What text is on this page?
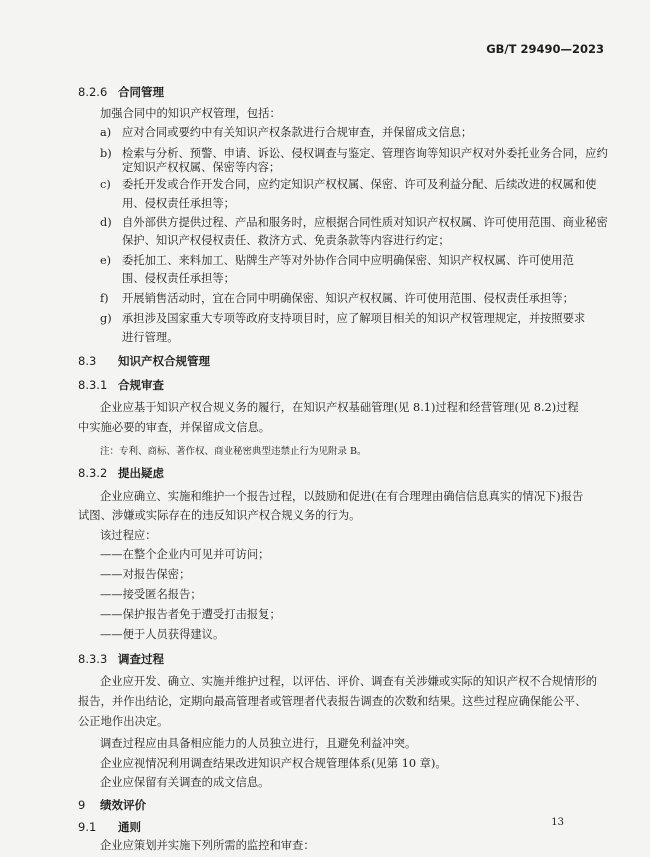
GB/T 29490—2023
8.2.6 合同管理
加强合同中的知识产权管理，包括：
a) 应对合同或要约中有关知识产权条款进行合规审查，并保留成文信息；
b) 检索与分析、预警、申请、诉讼、侵权调查与鉴定、管理咨询等知识产权对外委托业务合同，应约
定知识产权权属、保密等内容；
c) 委托开发或合作开发合同，应约定知识产权权属、保密、许可及利益分配、后续改进的权属和使
用、侵权责任承担等；
d) 自外部供方提供过程、产品和服务时，应根据合同性质对知识产权权属、许可使用范围、商业秘密
保护、知识产权侵权责任、救济方式、免责条款等内容进行约定；
e) 委托加工、来料加工、贴牌生产等对外协作合同中应明确保密、知识产权权属、许可使用范
围、侵权责任承担等；
f) 开展销售活动时，宜在合同中明确保密、知识产权权属、许可使用范围、侵权责任承担等；
g) 承担涉及国家重大专项等政府支持项目时，应了解项目相关的知识产权管理规定，并按照要求
进行管理。
8.3 知识产权合规管理
8.3.1 合规审查
企业应基于知识产权合规义务的履行，在知识产权基础管理(见 8.1)过程和经营管理(见 8.2)过程
中实施必要的审查，并保留成文信息。
注：专利、商标、著作权、商业秘密典型违禁止行为见附录 B。
8.3.2 提出疑虑
企业应确立、实施和维护一个报告过程，以鼓励和促进(在有合理理由确信信息真实的情况下)报告
试图、涉嫌或实际存在的违反知识产权合规义务的行为。
该过程应：
——在整个企业内可见并可访问；
——对报告保密；
——接受匿名报告；
——保护报告者免于遭受打击报复；
——便于人员获得建议。
8.3.3 调查过程
企业应开发、确立、实施并维护过程，以评估、评价、调查有关涉嫌或实际的知识产权不合规情形的
报告，并作出结论，定期向最高管理者或管理者代表报告调查的次数和结果。这些过程应确保能公平、
公正地作出决定。
调查过程应由具备相应能力的人员独立进行，且避免利益冲突。
企业应视情况利用调查结果改进知识产权合规管理体系(见第 10 章)。
企业应保留有关调查的成文信息。
9 绩效评价
9.1 通则
企业应策划并实施下列所需的监控和审查：
13
